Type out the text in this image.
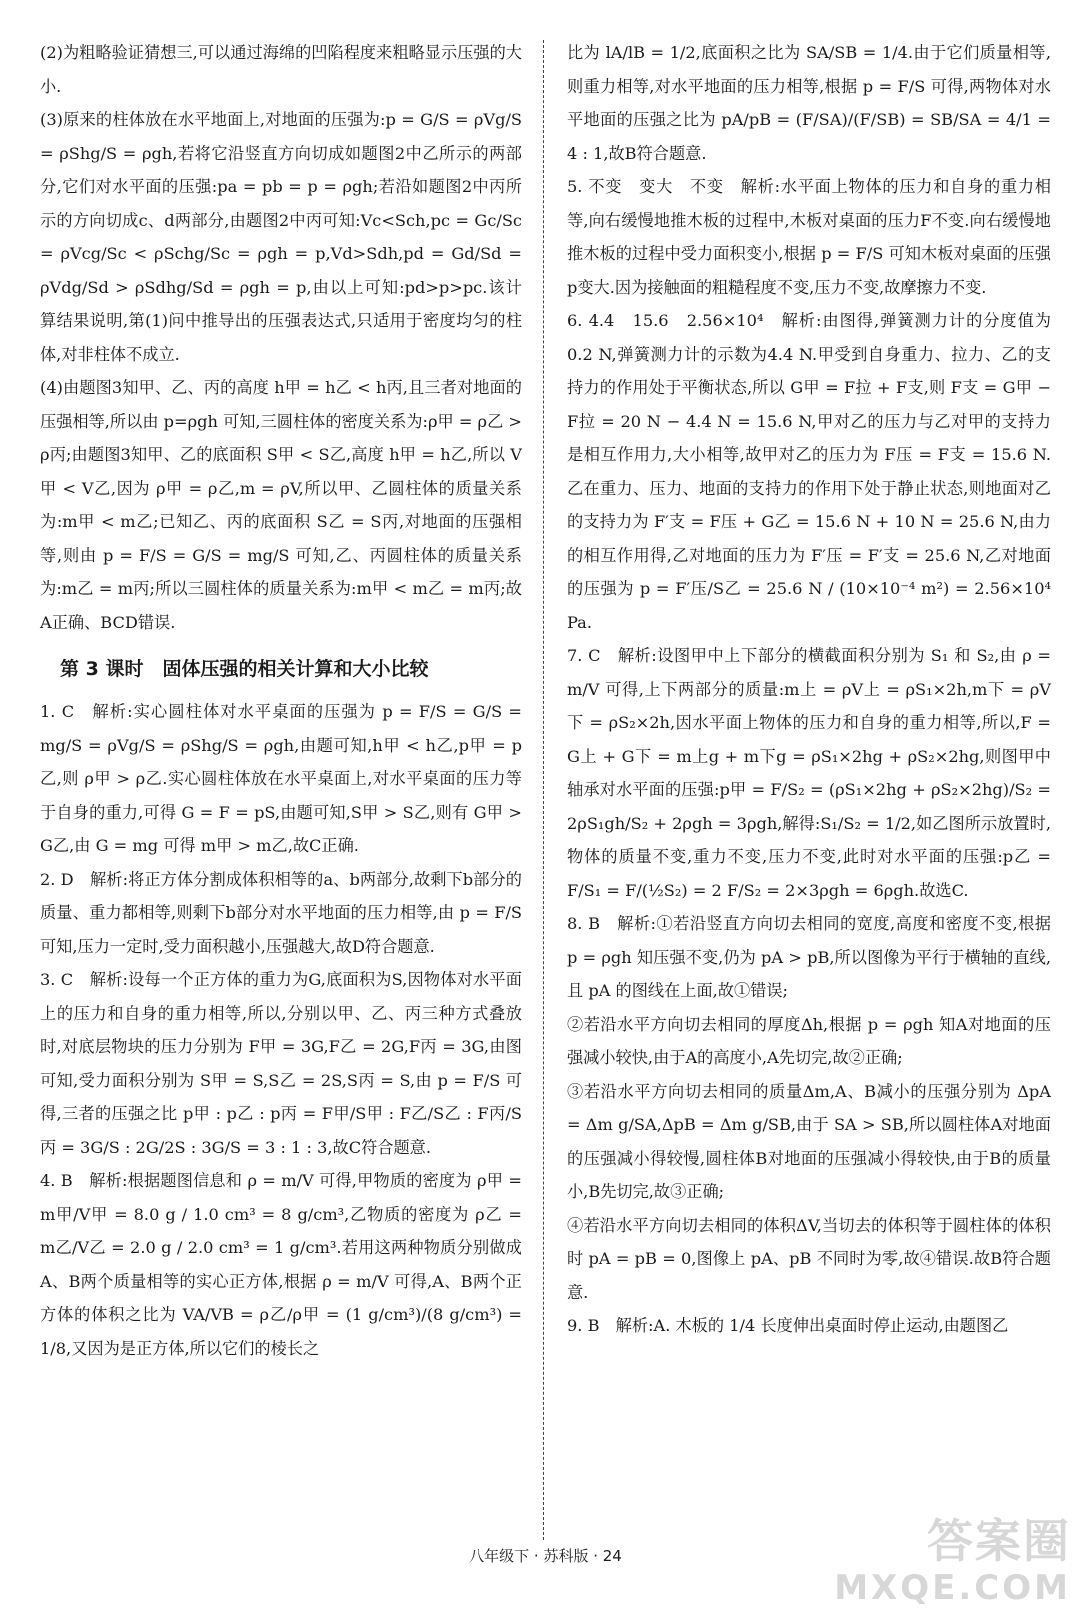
(2)为粗略验证猜想三,可以通过海绵的凹陷程度来粗略显示压强的大小.

(3)原来的柱体放在水平地面上,对地面的压强为:p = G/S = ρVg/S = ρShg/S = ρgh,若将它沿竖直方向切成如题图2中乙所示的两部分,它们对水平面的压强:pa = pb = p = ρgh;若沿如题图2中丙所示的方向切成c、d两部分,由题图2中丙可知:Vc<Sch,pc = Gc/Sc = ρVcg/Sc < ρSchg/Sc = ρgh = p,Vd>Sdh,pd = Gd/Sd = ρVdg/Sd > ρSdhg/Sd = ρgh = p,由以上可知:pd>p>pc.该计算结果说明,第(1)问中推导出的压强表达式,只适用于密度均匀的柱体,对非柱体不成立.

(4)由题图3知甲、乙、丙的高度 h甲 = h乙 < h丙,且三者对地面的压强相等,所以由 p=ρgh 可知,三圆柱体的密度关系为:ρ甲 = ρ乙 > ρ丙;由题图3知甲、乙的底面积 S甲 < S乙,高度 h甲 = h乙,所以 V甲 < V乙,因为 ρ甲 = ρ乙,m = ρV,所以甲、乙圆柱体的质量关系为:m甲 < m乙;已知乙、丙的底面积 S乙 = S丙,对地面的压强相等,则由 p = F/S = G/S = mg/S 可知,乙、丙圆柱体的质量关系为:m乙 = m丙;所以三圆柱体的质量关系为:m甲 < m乙 = m丙;故A正确、BCD错误.

第 3 课时　固体压强的相关计算和大小比较

1. C　解析:实心圆柱体对水平桌面的压强为 p = F/S = G/S = mg/S = ρVg/S = ρShg/S = ρgh,由题可知,h甲 < h乙,p甲 = p乙,则 ρ甲 > ρ乙.实心圆柱体放在水平桌面上,对水平桌面的压力等于自身的重力,可得 G = F = pS,由题可知,S甲 > S乙,则有 G甲 > G乙,由 G = mg 可得 m甲 > m乙,故C正确.

2. D　解析:将正方体分割成体积相等的a、b两部分,故剩下b部分的质量、重力都相等,则剩下b部分对水平地面的压力相等,由 p = F/S 可知,压力一定时,受力面积越小,压强越大,故D符合题意.

3. C　解析:设每一个正方体的重力为G,底面积为S,因物体对水平面上的压力和自身的重力相等,所以,分别以甲、乙、丙三种方式叠放时,对底层物块的压力分别为 F甲 = 3G,F乙 = 2G,F丙 = 3G,由图可知,受力面积分别为 S甲 = S,S乙 = 2S,S丙 = S,由 p = F/S 可得,三者的压强之比 p甲 : p乙 : p丙 = F甲/S甲 : F乙/S乙 : F丙/S丙 = 3G/S : 2G/2S : 3G/S = 3 : 1 : 3,故C符合题意.

4. B　解析:根据题图信息和 ρ = m/V 可得,甲物质的密度为 ρ甲 = m甲/V甲 = 8.0 g / 1.0 cm³ = 8 g/cm³,乙物质的密度为 ρ乙 = m乙/V乙 = 2.0 g / 2.0 cm³ = 1 g/cm³.若用这两种物质分别做成A、B两个质量相等的实心正方体,根据 ρ = m/V 可得,A、B两个正方体的体积之比为 VA/VB = ρ乙/ρ甲 = (1 g/cm³)/(8 g/cm³) = 1/8,又因为是正方体,所以它们的棱长之

比为 lA/lB = 1/2,底面积之比为 SA/SB = 1/4.由于它们质量相等,则重力相等,对水平地面的压力相等,根据 p = F/S 可得,两物体对水平地面的压强之比为 pA/pB = (F/SA)/(F/SB) = SB/SA = 4/1 = 4 : 1,故B符合题意.

5. 不变　变大　不变　解析:水平面上物体的压力和自身的重力相等,向右缓慢地推木板的过程中,木板对桌面的压力F不变.向右缓慢地推木板的过程中受力面积变小,根据 p = F/S 可知木板对桌面的压强p变大.因为接触面的粗糙程度不变,压力不变,故摩擦力不变.

6. 4.4　15.6　2.56×10⁴　解析:由图得,弹簧测力计的分度值为0.2 N,弹簧测力计的示数为4.4 N.甲受到自身重力、拉力、乙的支持力的作用处于平衡状态,所以 G甲 = F拉 + F支,则 F支 = G甲 − F拉 = 20 N − 4.4 N = 15.6 N,甲对乙的压力与乙对甲的支持力是相互作用力,大小相等,故甲对乙的压力为 F压 = F支 = 15.6 N.乙在重力、压力、地面的支持力的作用下处于静止状态,则地面对乙的支持力为 F′支 = F压 + G乙 = 15.6 N + 10 N = 25.6 N,由力的相互作用得,乙对地面的压力为 F′压 = F′支 = 25.6 N,乙对地面的压强为 p = F′压/S乙 = 25.6 N / (10×10⁻⁴ m²) = 2.56×10⁴ Pa.

7. C　解析:设图甲中上下部分的横截面积分别为 S₁ 和 S₂,由 ρ = m/V 可得,上下两部分的质量:m上 = ρV上 = ρS₁×2h,m下 = ρV下 = ρS₂×2h,因水平面上物体的压力和自身的重力相等,所以,F = G上 + G下 = m上g + m下g = ρS₁×2hg + ρS₂×2hg,则图甲中轴承对水平面的压强:p甲 = F/S₂ = (ρS₁×2hg + ρS₂×2hg)/S₂ = 2ρS₁gh/S₂ + 2ρgh = 3ρgh,解得:S₁/S₂ = 1/2,如乙图所示放置时,物体的质量不变,重力不变,压力不变,此时对水平面的压强:p乙 = F/S₁ = F/(½S₂) = 2 F/S₂ = 2×3ρgh = 6ρgh.故选C.

8. B　解析:①若沿竖直方向切去相同的宽度,高度和密度不变,根据 p = ρgh 知压强不变,仍为 pA > pB,所以图像为平行于横轴的直线,且 pA 的图线在上面,故①错误;

②若沿水平方向切去相同的厚度Δh,根据 p = ρgh 知A对地面的压强减小较快,由于A的高度小,A先切完,故②正确;

③若沿水平方向切去相同的质量Δm,A、B减小的压强分别为 ΔpA = Δm g/SA,ΔpB = Δm g/SB,由于 SA > SB,所以圆柱体A对地面的压强减小得较慢,圆柱体B对地面的压强减小得较快,由于B的质量小,B先切完,故③正确;

④若沿水平方向切去相同的体积ΔV,当切去的体积等于圆柱体的体积时 pA = pB = 0,图像上 pA、pB 不同时为零,故④错误.故B符合题意.

9. B　解析:A. 木板的 1/4 长度伸出桌面时停止运动,由题图乙

八年级下 · 苏科版 · 24	答案圈
MXQE.COM
